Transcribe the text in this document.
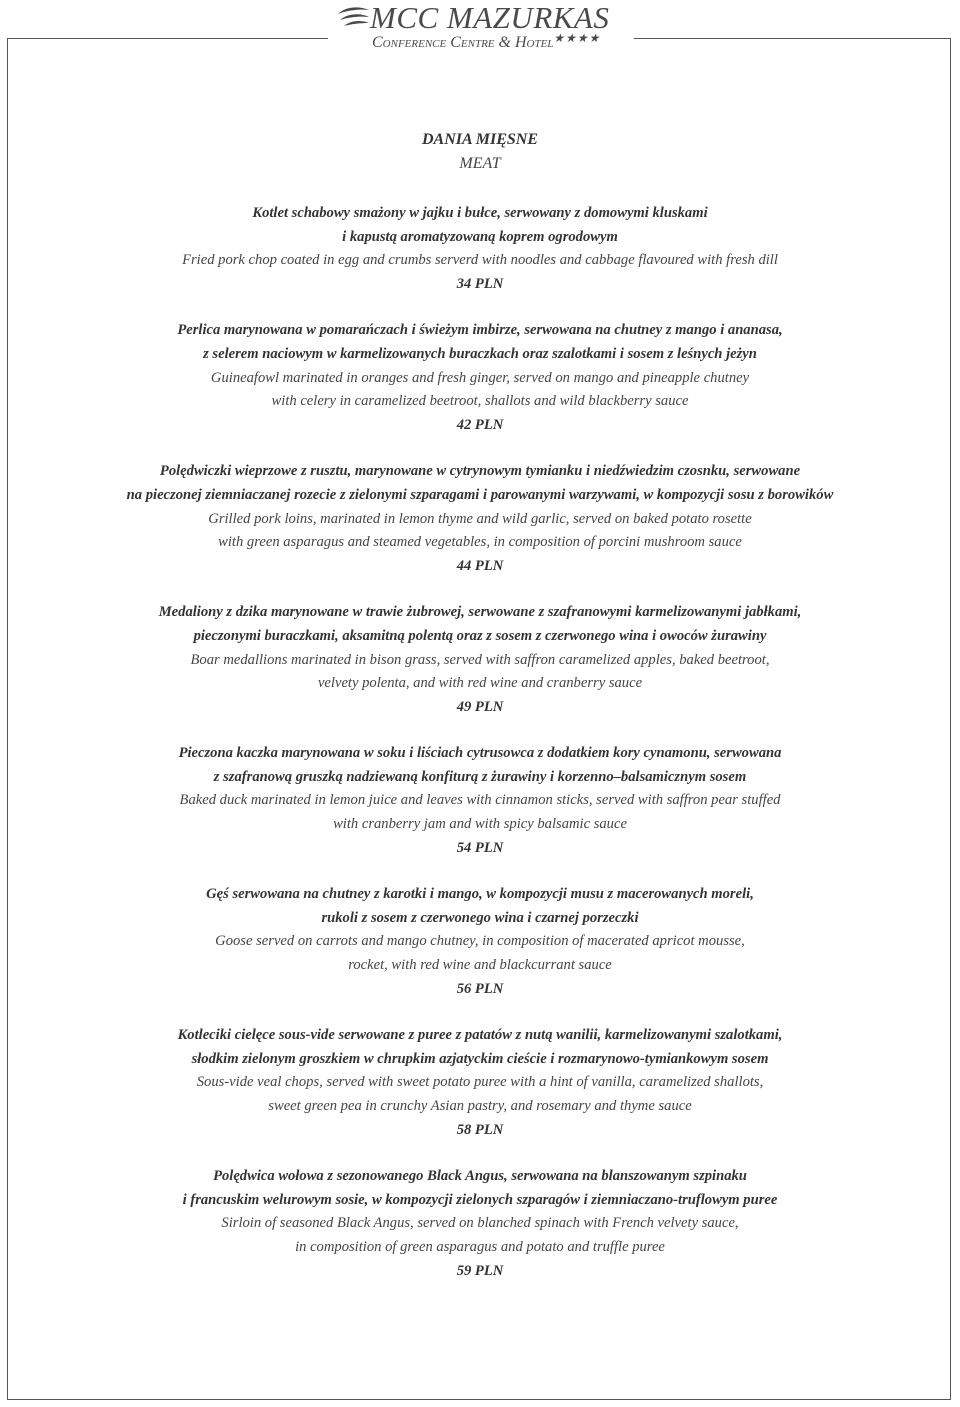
MCC MAZURKAS
Conference Centre & Hotel★★★★
DANIA MIĘSNE
MEAT
Kotlet schabowy smażony w jajku i bułce, serwowany z domowymi kluskami
i kapustą aromatyzowaną koprem ogrodowym
Fried pork chop coated in egg and crumbs serverd with noodles and cabbage flavoured with fresh dill
34 PLN
Perlica marynowana w pomarańczach i świeżym imbirze, serwowana na chutney z mango i ananasa,
z selerem naciowym w karmelizowanych buraczkach oraz szalotkami i sosem z leśnych jeżyn
Guineafowl marinated in oranges and fresh ginger, served on mango and pineapple chutney
with celery in caramelized beetroot, shallots and wild blackberry sauce
42 PLN
Polędwiczki wieprzowe z rusztu, marynowane w cytrynowym tymianku i niedźwiedzim czosnku, serwowane
na pieczonej ziemniaczanej rozecie z zielonymi szparagami i parowanymi warzywami, w kompozycji sosu z borowików
Grilled pork loins, marinated in lemon thyme and wild garlic, served on baked potato rosette
with green asparagus and steamed vegetables, in composition of porcini mushroom sauce
44 PLN
Medaliony z dzika marynowane w trawie żubrowej, serwowane z szafranowymi karmelizowanymi jabłkami,
pieczonymi buraczkami, aksamitną polentą oraz z sosem z czerwonego wina i owoców żurawiny
Boar medallions marinated in bison grass, served with saffron caramelized apples, baked beetroot,
velvety polenta, and with red wine and cranberry sauce
49 PLN
Pieczona kaczka marynowana w soku i liściach cytrusowca z dodatkiem kory cynamonu, serwowana
z szafranową gruszką nadziewaną konfiturą z żurawiny i korzenno–balsamicznym sosem
Baked duck marinated in lemon juice and leaves with cinnamon sticks, served with saffron pear stuffed
with cranberry jam and with spicy balsamic sauce
54 PLN
Gęś serwowana na chutney z karotki i mango, w kompozycji musu z macerowanych moreli,
rukoli z sosem z czerwonego wina i czarnej porzeczki
Goose served on carrots and mango chutney, in composition of macerated apricot mousse,
rocket, with red wine and blackcurrant sauce
56 PLN
Kotleciki cielęce sous-vide serwowane z puree z patatów z nutą wanilii, karmelizowanymi szalotkami,
słodkim zielonym groszkiem w chrupkim azjatyckim cieście i rozmarynowo-tymiankowym sosem
Sous-vide veal chops, served with sweet potato puree with a hint of vanilla, caramelized shallots,
sweet green pea in crunchy Asian pastry, and rosemary and thyme sauce
58 PLN
Polędwica wołowa z sezonowanego Black Angus, serwowana na blanszowanym szpinaku
i francuskim welurowym sosie, w kompozycji zielonych szparagów i ziemniaczano-truflowym puree
Sirloin of seasoned Black Angus, served on blanched spinach with French velvety sauce,
in composition of green asparagus and potato and truffle puree
59 PLN
